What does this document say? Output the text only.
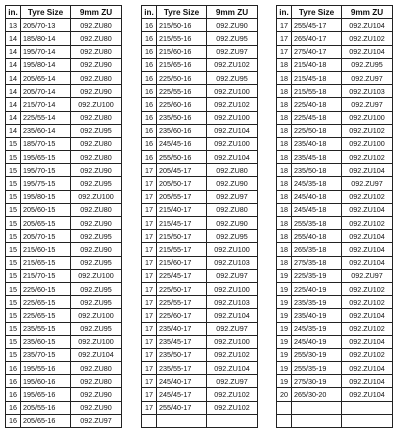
in.	Tyre Size	9mm ZU
13	205/70-13	092.ZU80
14	185/80-14	092.ZU80
14	195/70-14	092.ZU80
14	195/80-14	092.ZU90
14	205/65-14	092.ZU80
14	205/70-14	092.ZU90
14	215/70-14	092.ZU100
14	225/55-14	092.ZU80
14	235/60-14	092.ZU95
15	185/70-15	092.ZU80
15	195/65-15	092.ZU80
15	195/70-15	092.ZU90
15	195/75-15	092.ZU95
15	195/80-15	092.ZU100
15	205/60-15	092.ZU80
15	205/65-15	092.ZU90
15	205/70-15	092.ZU95
15	215/60-15	092.ZU90
15	215/65-15	092.ZU95
15	215/70-15	092.ZU100
15	225/60-15	092.ZU95
15	225/65-15	092.ZU95
15	225/65-15	092.ZU100
15	235/55-15	092.ZU95
15	235/60-15	092.ZU100
15	235/70-15	092.ZU104
16	195/55-16	092.ZU80
16	195/60-16	092.ZU80
16	195/65-16	092.ZU90
16	205/55-16	092.ZU90
16	205/65-16	092.ZU97
in.	Tyre Size	9mm ZU
16	215/50-16	092.ZU90
16	215/55-16	092.ZU95
16	215/60-16	092.ZU97
16	215/65-16	092.ZU102
16	225/50-16	092.ZU95
16	225/55-16	092.ZU100
16	225/60-16	092.ZU102
16	235/50-16	092.ZU100
16	235/60-16	092.ZU104
16	245/45-16	092.ZU100
16	255/50-16	092.ZU104
17	205/45-17	092.ZU80
17	205/50-17	092.ZU90
17	205/55-17	092.ZU97
17	215/40-17	092.ZU80
17	215/45-17	092.ZU90
17	215/50-17	092.ZU95
17	215/55-17	092.ZU100
17	215/60-17	092.ZU103
17	225/45-17	092.ZU97
17	225/50-17	092.ZU100
17	225/55-17	092.ZU103
17	225/60-17	092.ZU104
17	235/40-17	092.ZU97
17	235/45-17	092.ZU100
17	235/50-17	092.ZU102
17	235/55-17	092.ZU104
17	245/40-17	092.ZU97
17	245/45-17	092.ZU102
17	255/40-17	092.ZU102

in.	Tyre Size	9mm ZU
17	255/45-17	092.ZU104
17	265/40-17	092.ZU102
17	275/40-17	092.ZU104
18	215/40-18	092.ZU95
18	215/45-18	092.ZU97
18	215/55-18	092.ZU103
18	225/40-18	092.ZU97
18	225/45-18	092.ZU100
18	225/50-18	092.ZU102
18	235/40-18	092.ZU100
18	235/45-18	092.ZU102
18	235/50-18	092.ZU104
18	245/35-18	092.ZU97
18	245/40-18	092.ZU102
18	245/45-18	092.ZU104
18	255/35-18	092.ZU102
18	255/40-18	092.ZU104
18	265/35-18	092.ZU104
18	275/35-18	092.ZU104
19	225/35-19	092.ZU97
19	225/40-19	092.ZU102
19	235/35-19	092.ZU102
19	235/40-19	092.ZU104
19	245/35-19	092.ZU102
19	245/40-19	092.ZU104
19	255/30-19	092.ZU102
19	255/35-19	092.ZU104
19	275/30-19	092.ZU104
20	265/30-20	092.ZU104
